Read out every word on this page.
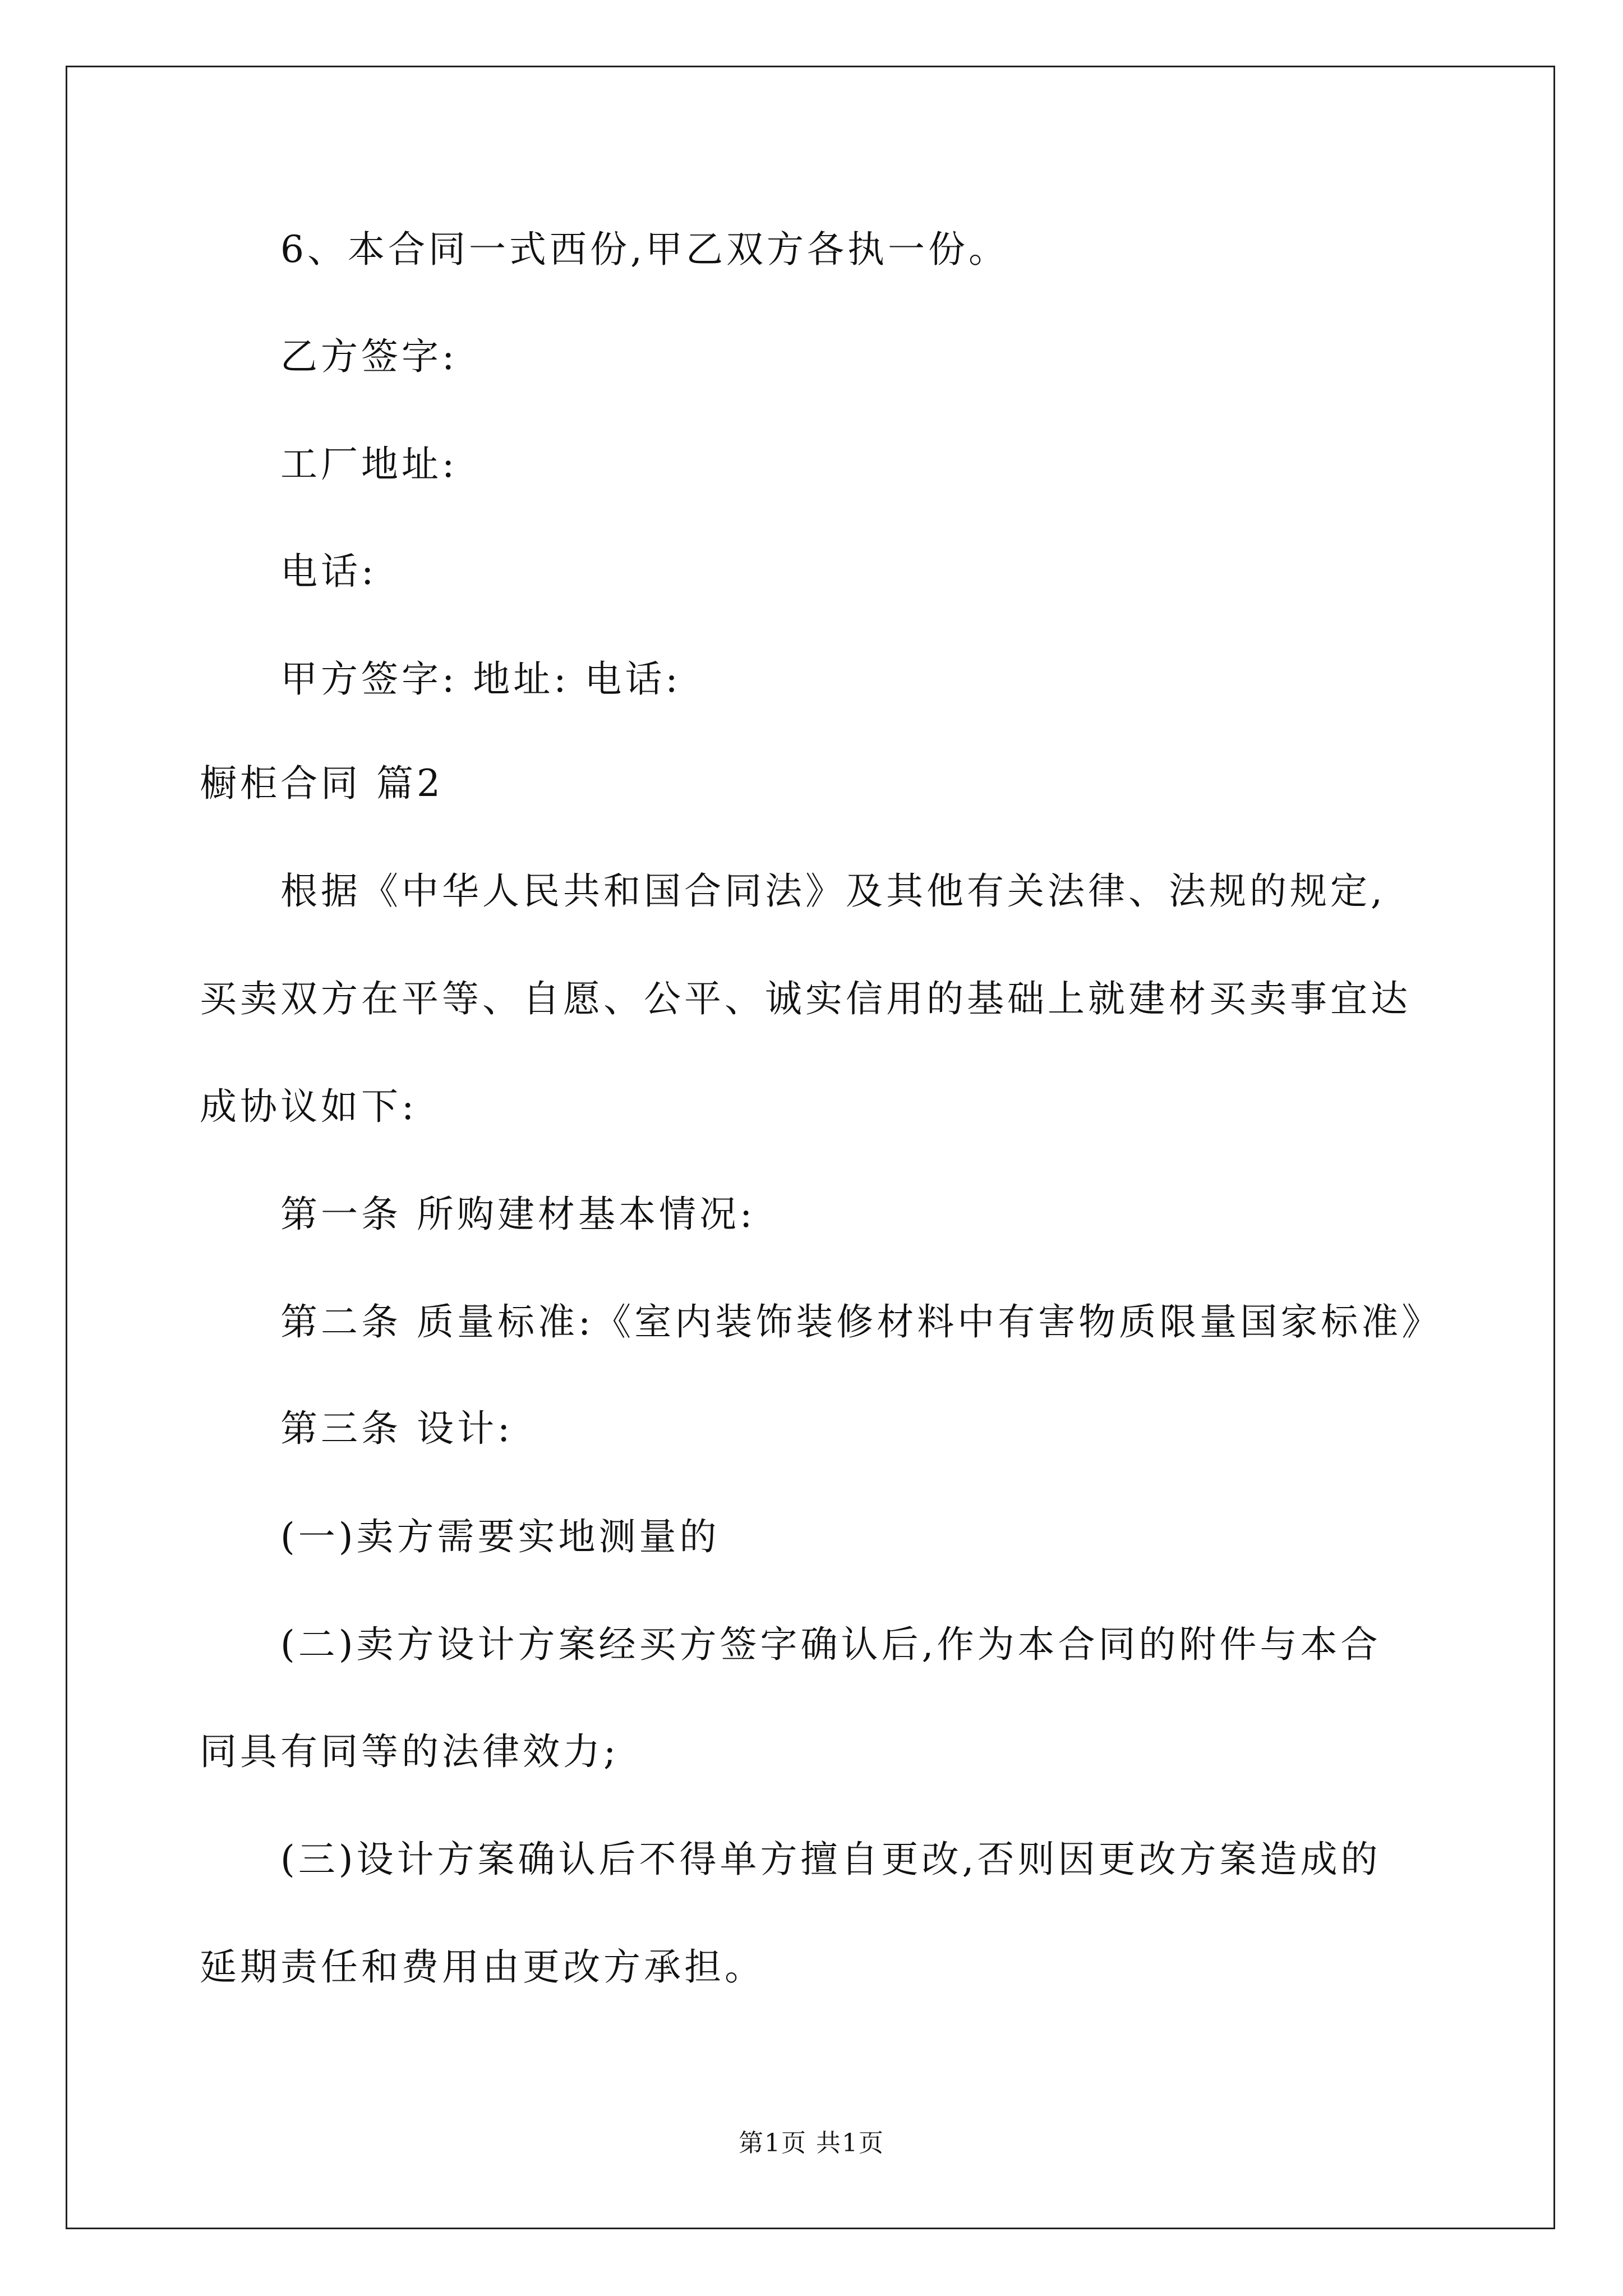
6、本合同一式西份,甲乙双方各执一份。
乙方签字:
工厂地址:
电话:
甲方签字: 地址: 电话:
橱柜合同 篇2
根据《中华人民共和国合同法》及其他有关法律、法规的规定,
买卖双方在平等、自愿、公平、诚实信用的基础上就建材买卖事宜达
成协议如下:
第一条 所购建材基本情况:
第二条 质量标准:《室内装饰装修材料中有害物质限量国家标准》
第三条 设计:
(一)卖方需要实地测量的
(二)卖方设计方案经买方签字确认后,作为本合同的附件与本合
同具有同等的法律效力;
(三)设计方案确认后不得单方擅自更改,否则因更改方案造成的
延期责任和费用由更改方承担。
第1页 共1页
